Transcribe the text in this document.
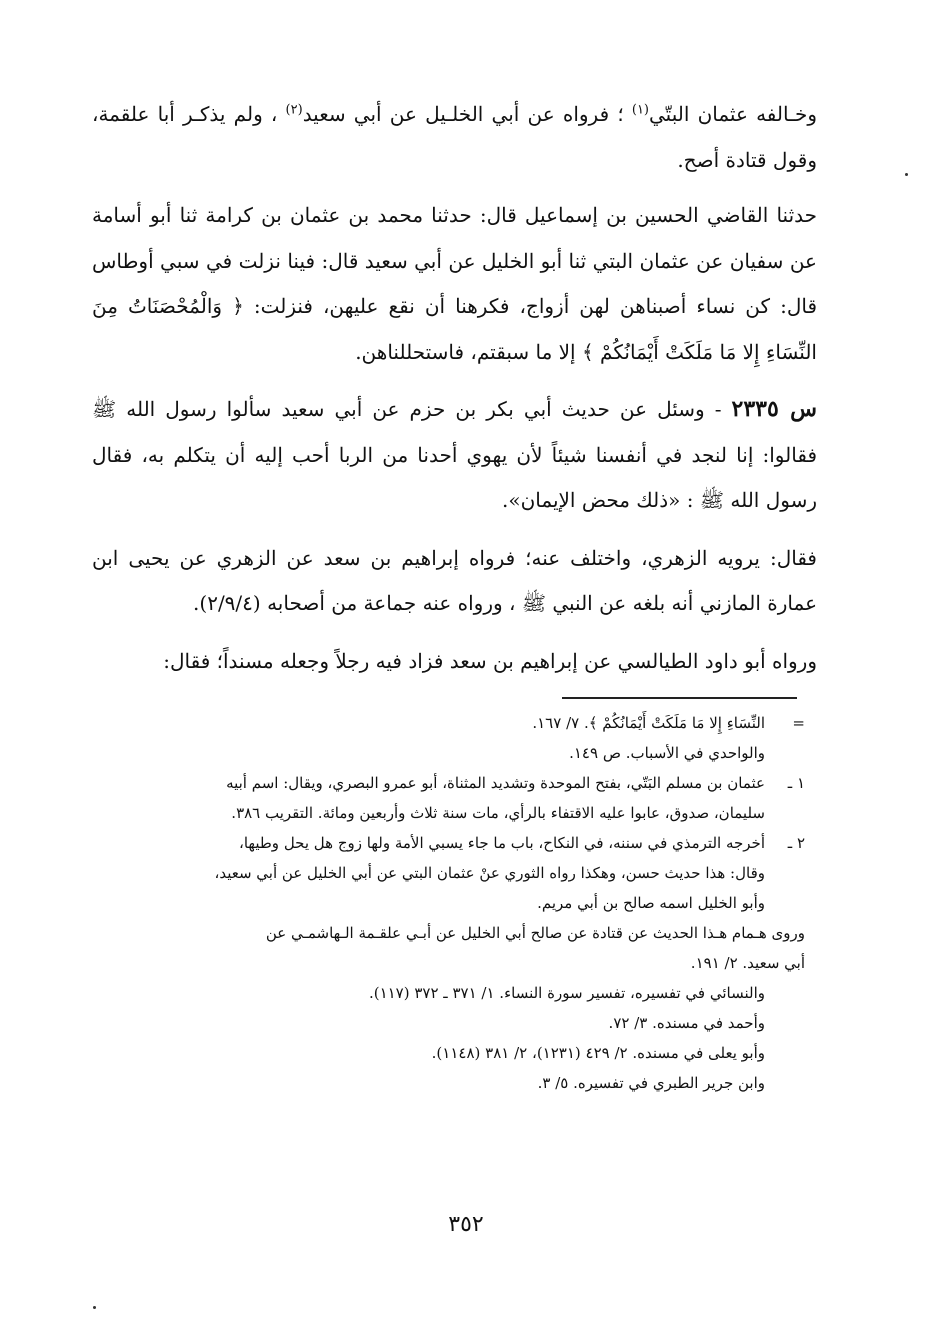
وخـالفه عثمان البتّي$^{(١)}$ ؛ فرواه عن أبي الخلـيل عن أبي سعيد$^{(٢)}$ ، ولم يذكـر أبا علقمة، وقول قتادة أصح.
حدثنا القاضي الحسين بن إسماعيل قال: حدثنا محمد بن عثمان بن كرامة ثنا أبو أسامة عن سفيان عن عثمان البتي ثنا أبو الخليل عن أبي سعيد قال: فينا نزلت في سبي أوطاس قال: كن نساء أصبناهن لهن أزواج، فكرهنا أن نقع عليهن، فنزلت: ﴿ وَالْمُحْصَنَاتُ مِنَ النِّسَاءِ إِلا مَا مَلَكَتْ أَيْمَانُكُمْ ﴾ إلا ما سبقتم، فاستحللناهن.
س ٢٣٣٥ - وسئل عن حديث أبي بكر بن حزم عن أبي سعيد سألوا رسول الله ﷺ فقالوا: إنا لنجد في أنفسنا شيئاً لأن يهوي أحدنا من الربا أحب إليه أن يتكلم به، فقال رسول الله ﷺ : «ذلك محض الإيمان».
فقال: يرويه الزهري، واختلف عنه؛ فرواه إبراهيم بن سعد عن الزهري عن يحيى ابن عمارة المازني أنه بلغه عن النبي ﷺ ، ورواه عنه جماعة من أصحابه (٢/٩/٤).
ورواه أبو داود الطيالسي عن إبراهيم بن سعد فزاد فيه رجلاً وجعله مسنداً؛ فقال:
=
النِّسَاءِ إِلا مَا مَلَكَتْ أَيْمَانُكُمْ ﴾. ٧/ ١٦٧.
والواحدي في الأسباب. ص ١٤٩.
١ ـ
عثمان بن مسلم البَتّي، بفتح الموحدة وتشديد المثناة، أبو عمرو البصري، ويقال: اسم أبيه
سليمان، صدوق، عابوا عليه الاقتفاء بالرأي، مات سنة ثلاث وأربعين ومائة. التقريب ٣٨٦.
٢ ـ
أخرجه الترمذي في سننه، في النكاح، باب ما جاء يسبي الأمة ولها زوج هل يحل وطيها،
وقال: هذا حديث حسن، وهكذا رواه الثوري عنْ عثمان البتي عن أبي الخليل عن أبي سعيد،
وأبو الخليل اسمه صالح بن أبي مريم.
وروى هـمام هـذا الحديث عن قتادة عن صالح أبي الخليل عن أبـي علقـمة الـهاشمـي عن
أبي سعيد. ٢/ ١٩١.
والنسائي في تفسيره، تفسير سورة النساء. ١/ ٣٧١ ـ ٣٧٢ (١١٧).
وأحمد في مسنده. ٣/ ٧٢.
وأبو يعلى في مسنده. ٢/ ٤٢٩ (١٢٣١)، ٢/ ٣٨١ (١١٤٨).
وابن جرير الطبري في تفسيره. ٥/ ٣.
٣٥٢
